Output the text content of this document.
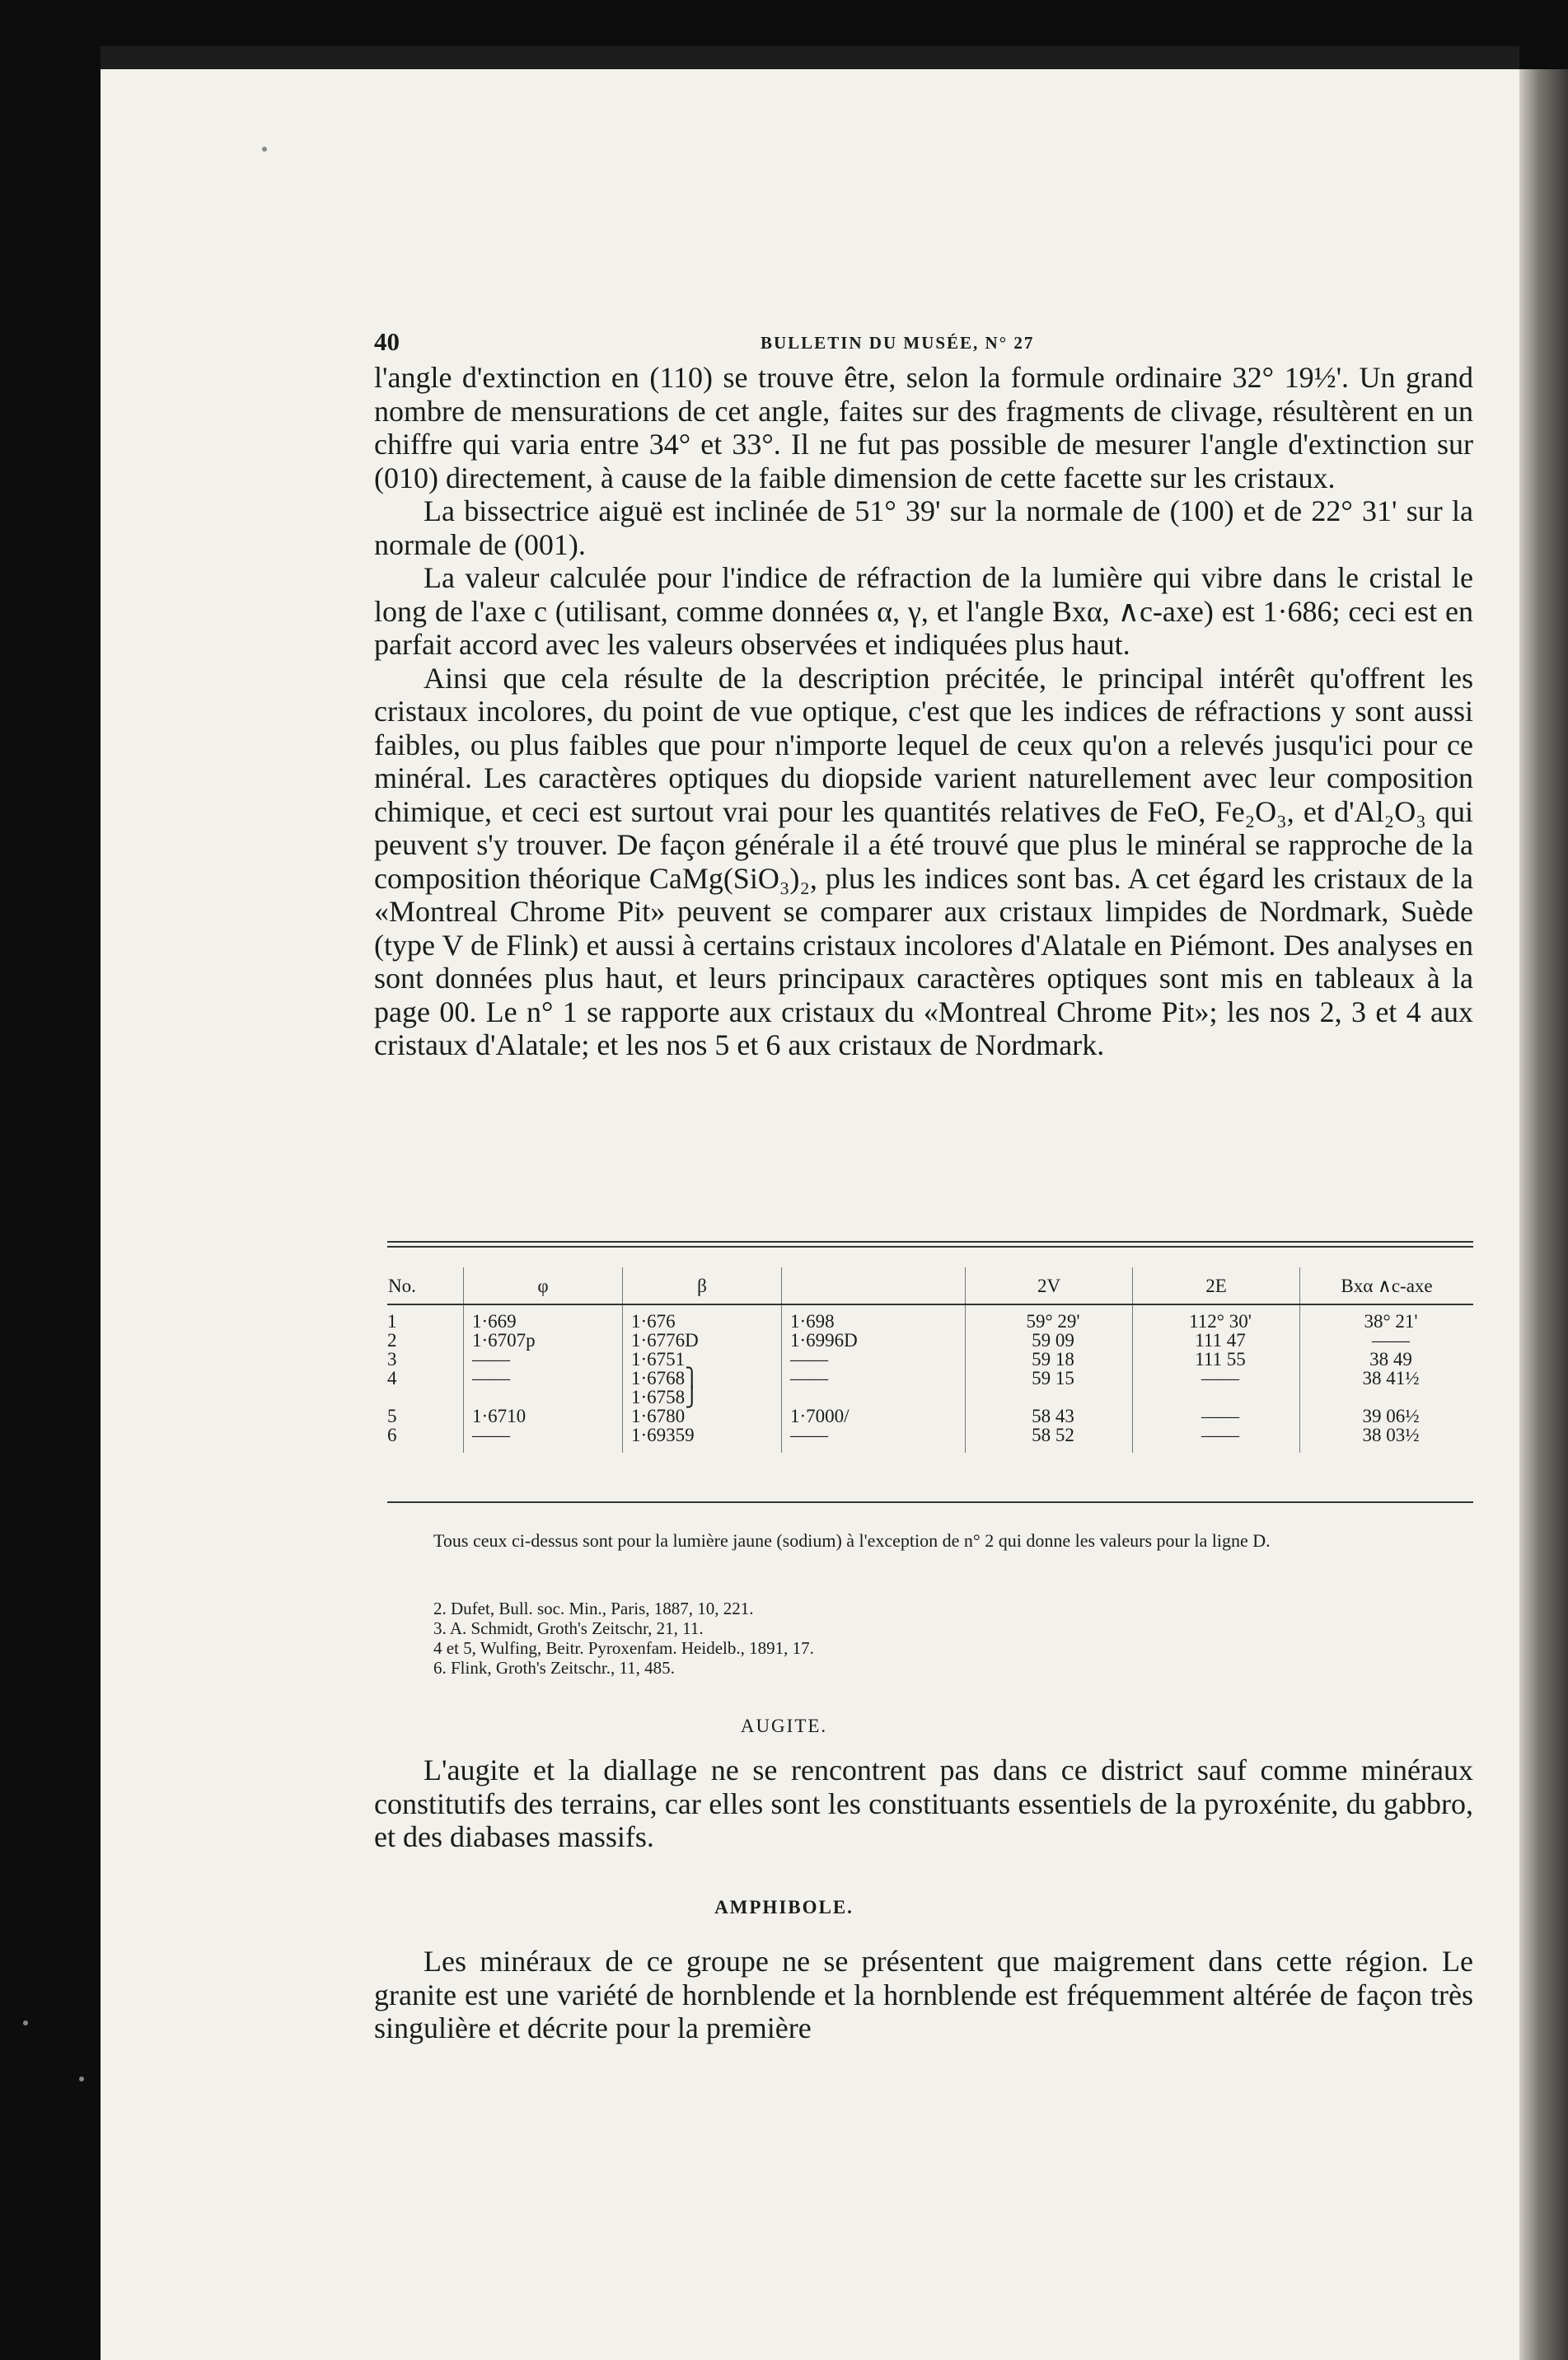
40	BULLETIN DU MUSÉE, N° 27

l'angle d'extinction en (110) se trouve être, selon la formule ordinaire 32° 19½'. Un grand nombre de mensurations de cet angle, faites sur des fragments de clivage, résultèrent en un chiffre qui varia entre 34° et 33°. Il ne fut pas possible de mesurer l'angle d'extinction sur (010) directement, à cause de la faible dimension de cette facette sur les cristaux.

La bissectrice aiguë est inclinée de 51° 39' sur la normale de (100) et de 22° 31' sur la normale de (001).

La valeur calculée pour l'indice de réfraction de la lumière qui vibre dans le cristal le long de l'axe c (utilisant, comme données α, γ, et l'angle Bxα, ∧c-axe) est 1·686; ceci est en parfait accord avec les valeurs observées et indiquées plus haut.

Ainsi que cela résulte de la description précitée, le principal intérêt qu'offrent les cristaux incolores, du point de vue optique, c'est que les indices de réfractions y sont aussi faibles, ou plus faibles que pour n'importe lequel de ceux qu'on a relevés jusqu'ici pour ce minéral. Les caractères optiques du diopside varient naturellement avec leur composition chimique, et ceci est surtout vrai pour les quantités relatives de FeO, Fe₂O₃, et d'Al₂O₃ qui peuvent s'y trouver. De façon générale il a été trouvé que plus le minéral se rapproche de la composition théorique CaMg(SiO₃)₂, plus les indices sont bas. A cet égard les cristaux de la «Montreal Chrome Pit» peuvent se comparer aux cristaux limpides de Nordmark, Suède (type V de Flink) et aussi à certains cristaux incolores d'Alatale en Piémont. Des analyses en sont données plus haut, et leurs principaux caractères optiques sont mis en tableaux à la page 00. Le n° 1 se rapporte aux cristaux du «Montreal Chrome Pit»; les nos 2, 3 et 4 aux cristaux d'Alatale; et les nos 5 et 6 aux cristaux de Nordmark.

No.	φ	β		2V	2E	Bxα ∧c-axe
1	1·669	1·676	1·698	59° 29'	112° 30'	38° 21'
2	1·6707p	1·6776D	1·6996D	59 09	111 47	——
3	——	1·6751	——	59 18	111 55	38 49
4	——	1·6768⎫	——	59 15	——	38 41½
		1·6758⎭				
5	1·6710	1·6780	1·7000/	58 43	——	39 06½
6	——	1·69359	——	58 52	——	38 03½
Tous ceux ci-dessus sont pour la lumière jaune (sodium) à l'exception de n° 2 qui donne les valeurs pour la ligne D.
2. Dufet, Bull. soc. Min., Paris, 1887, 10, 221.
3. A. Schmidt, Groth's Zeitschr, 21, 11.
4 et 5, Wulfing, Beitr. Pyroxenfam. Heidelb., 1891, 17.
6. Flink, Groth's Zeitschr., 11, 485.
AUGITE.

L'augite et la diallage ne se rencontrent pas dans ce district sauf comme minéraux constitutifs des terrains, car elles sont les constituants essentiels de la pyroxénite, du gabbro, et des diabases massifs.

AMPHIBOLE.

Les minéraux de ce groupe ne se présentent que maigrement dans cette région. Le granite est une variété de hornblende et la hornblende est fréquemment altérée de façon très singulière et décrite pour la première
